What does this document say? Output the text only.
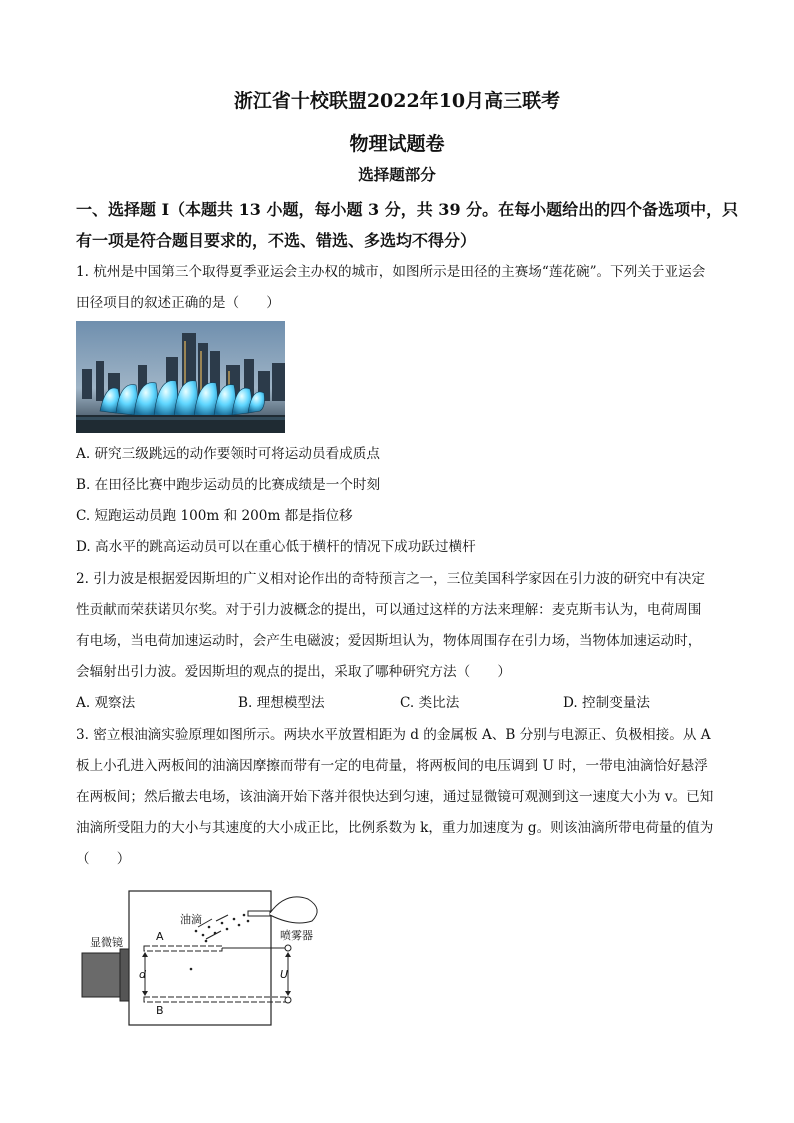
浙江省十校联盟2022年10月高三联考
物理试题卷
选择题部分
一、选择题 I（本题共 13 小题，每小题 3 分，共 39 分。在每小题给出的四个备选项中，只
有一项是符合题目要求的，不选、错选、多选均不得分）
1. 杭州是中国第三个取得夏季亚运会主办权的城市，如图所示是田径的主赛场“莲花碗”。下列关于亚运会
田径项目的叙述正确的是（　　）
A. 研究三级跳远的动作要领时可将运动员看成质点
B. 在田径比赛中跑步运动员的比赛成绩是一个时刻
C. 短跑运动员跑 100m 和 200m 都是指位移
D. 高水平的跳高运动员可以在重心低于横杆的情况下成功跃过横杆
2. 引力波是根据爱因斯坦的广义相对论作出的奇特预言之一，三位美国科学家因在引力波的研究中有决定
性贡献而荣获诺贝尔奖。对于引力波概念的提出，可以通过这样的方法来理解：麦克斯韦认为，电荷周围
有电场，当电荷加速运动时，会产生电磁波；爱因斯坦认为，物体周围存在引力场，当物体加速运动时，
会辐射出引力波。爱因斯坦的观点的提出，采取了哪种研究方法（　　）
A. 观察法	B. 理想模型法	C. 类比法	D. 控制变量法
3. 密立根油滴实验原理如图所示。两块水平放置相距为 d 的金属板 A、B 分别与电源正、负极相接。从 A
板上小孔进入两板间的油滴因摩擦而带有一定的电荷量，将两板间的电压调到 U 时，一带电油滴恰好悬浮
在两板间；然后撤去电场，该油滴开始下落并很快达到匀速，通过显微镜可观测到这一速度大小为 v。已知
油滴所受阻力的大小与其速度的大小成正比，比例系数为 k，重力加速度为 g。则该油滴所带电荷量的值为
（　　）
显微镜	A
B
d	U
油滴
喷雾器
